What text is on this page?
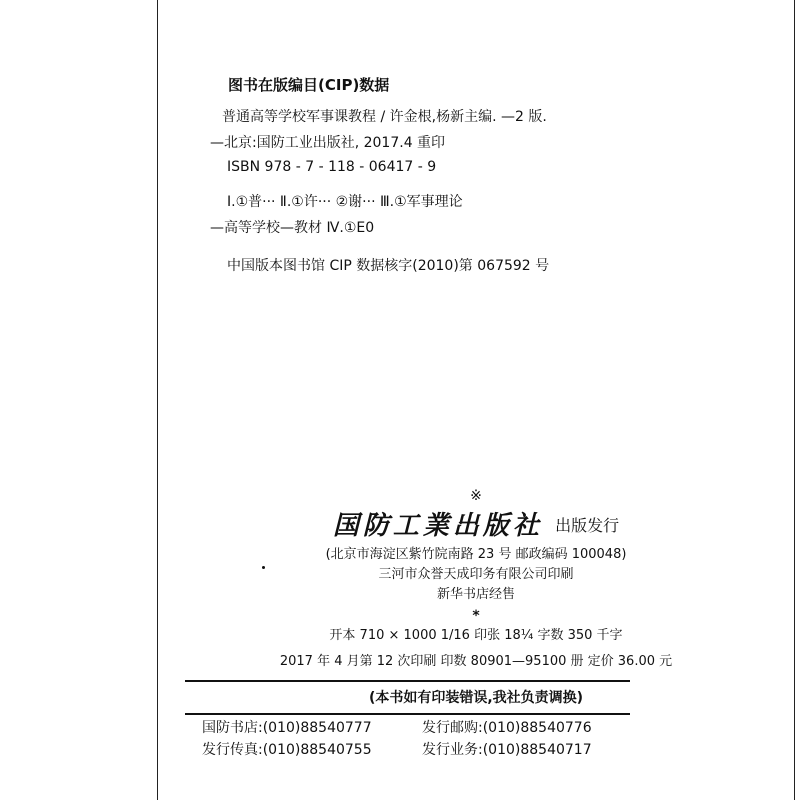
图书在版编目(CIP)数据
普通高等学校军事课教程 / 许金根,杨新主编. —2 版.
—北京:国防工业出版社, 2017.4 重印
ISBN 978 - 7 - 118 - 06417 - 9
Ⅰ.①普··· Ⅱ.①许··· ②谢··· Ⅲ.①军事理论
—高等学校—教材 Ⅳ.①E0
中国版本图书馆 CIP 数据核字(2010)第 067592 号
※
国防工業出版社 出版发行
(北京市海淀区紫竹院南路 23 号 邮政编码 100048)
三河市众誉天成印务有限公司印刷
新华书店经售
*
开本 710 × 1000 1/16 印张 18¼ 字数 350 千字
2017 年 4 月第 12 次印刷 印数 80901—95100 册 定价 36.00 元
(本书如有印装错误,我社负责调换)
国防书店:(010)88540777	发行邮购:(010)88540776
发行传真:(010)88540755	发行业务:(010)88540717
